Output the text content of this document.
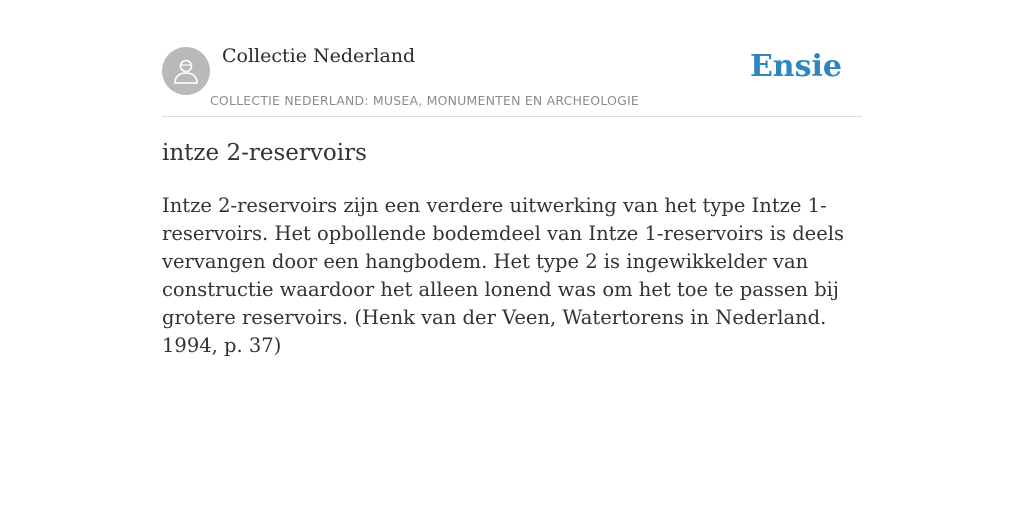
Collectie Nederland
COLLECTIE NEDERLAND: MUSEA, MONUMENTEN EN ARCHEOLOGIE
Ensie
intze 2-reservoirs

Intze 2-reservoirs zijn een verdere uitwerking van het type Intze 1-reservoirs. Het opbollende bodemdeel van Intze 1-reservoirs is deels vervangen door een hangbodem. Het type 2 is ingewikkelder van constructie waardoor het alleen lonend was om het toe te passen bij grotere reservoirs. (Henk van der Veen, Watertorens in Nederland. 1994, p. 37)
